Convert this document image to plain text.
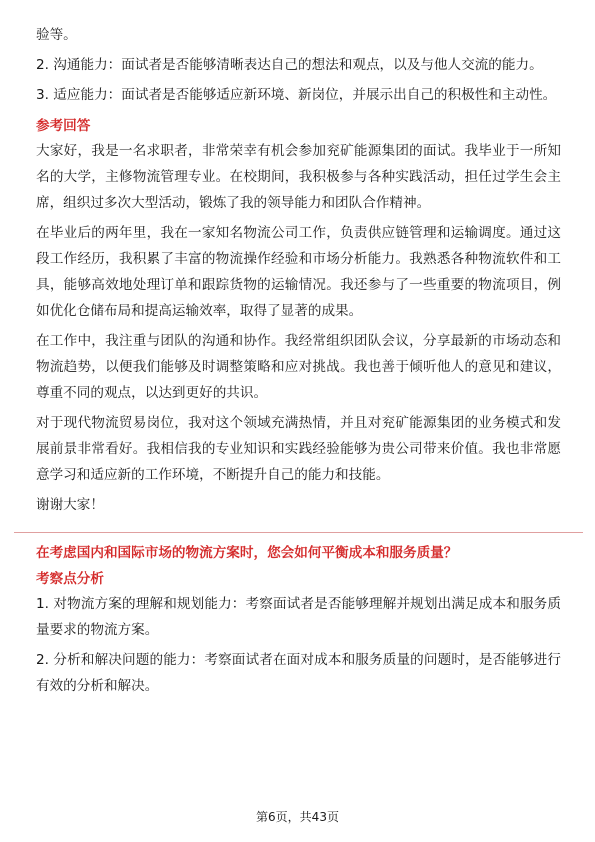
验等。

2. 沟通能力：面试者是否能够清晰表达自己的想法和观点，以及与他人交流的能力。

3. 适应能力：面试者是否能够适应新环境、新岗位，并展示出自己的积极性和主动性。

参考回答

大家好，我是一名求职者，非常荣幸有机会参加兖矿能源集团的面试。我毕业于一所知名的大学，主修物流管理专业。在校期间，我积极参与各种实践活动，担任过学生会主席，组织过多次大型活动，锻炼了我的领导能力和团队合作精神。

在毕业后的两年里，我在一家知名物流公司工作，负责供应链管理和运输调度。通过这段工作经历，我积累了丰富的物流操作经验和市场分析能力。我熟悉各种物流软件和工具，能够高效地处理订单和跟踪货物的运输情况。我还参与了一些重要的物流项目，例如优化仓储布局和提高运输效率，取得了显著的成果。

在工作中，我注重与团队的沟通和协作。我经常组织团队会议，分享最新的市场动态和物流趋势，以便我们能够及时调整策略和应对挑战。我也善于倾听他人的意见和建议，尊重不同的观点，以达到更好的共识。

对于现代物流贸易岗位，我对这个领域充满热情，并且对兖矿能源集团的业务模式和发展前景非常看好。我相信我的专业知识和实践经验能够为贵公司带来价值。我也非常愿意学习和适应新的工作环境，不断提升自己的能力和技能。

谢谢大家！

在考虑国内和国际市场的物流方案时，您会如何平衡成本和服务质量？

考察点分析

1. 对物流方案的理解和规划能力：考察面试者是否能够理解并规划出满足成本和服务质量要求的物流方案。

2. 分析和解决问题的能力：考察面试者在面对成本和服务质量的问题时，是否能够进行有效的分析和解决。

第6页，共43页
